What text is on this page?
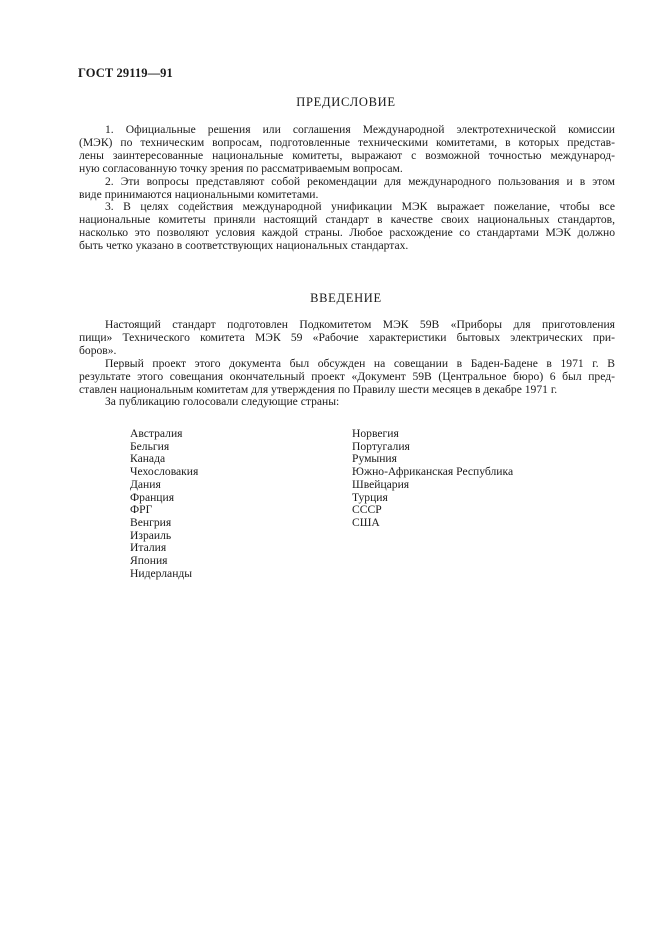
ГОСТ 29119—91
ПРЕДИСЛОВИЕ
1. Официальные решения или соглашения Международной электротехнической комиссии
(МЭК) по техническим вопросам, подготовленные техническими комитетами, в которых представ-
лены заинтересованные национальные комитеты, выражают с возможной точностью международ-
ную согласованную точку зрения по рассматриваемым вопросам.
2. Эти вопросы представляют собой рекомендации для международного пользования и в этом
виде принимаются национальными комитетами.
3. В целях содействия международной унификации МЭК выражает пожелание, чтобы все
национальные комитеты приняли настоящий стандарт в качестве своих национальных стандартов,
насколько это позволяют условия каждой страны. Любое расхождение со стандартами МЭК должно
быть четко указано в соответствующих национальных стандартах.
ВВЕДЕНИЕ
Настоящий стандарт подготовлен Подкомитетом МЭК 59В «Приборы для приготовления
пищи» Технического комитета МЭК 59 «Рабочие характеристики бытовых электрических при-
боров».
Первый проект этого документа был обсужден на совещании в Баден-Бадене в 1971 г. В
результате этого совещания окончательный проект «Документ 59В (Центральное бюро) 6 был пред-
ставлен национальным комитетам для утверждения по Правилу шести месяцев в декабре 1971 г.
За публикацию голосовали следующие страны:
Австралия
Бельгия
Канада
Чехословакия
Дания
Франция
ФРГ
Венгрия
Израиль
Италия
Япония
Нидерланды
Норвегия
Португалия
Румыния
Южно-Африканская Республика
Швейцария
Турция
СССР
США
